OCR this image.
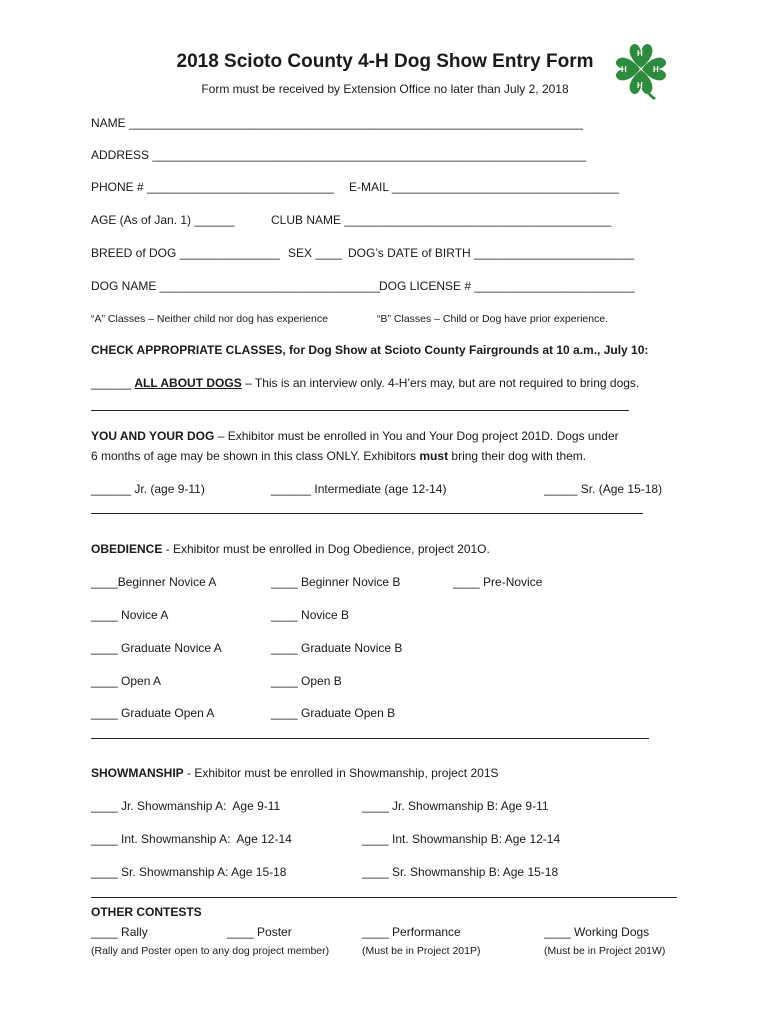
2018 Scioto County 4-H Dog Show Entry Form
Form must be received by Extension Office no later than July 2, 2018
H
H
H	H
NAME ____________________________________________________________________
ADDRESS _________________________________________________________________
PHONE # ____________________________ E-MAIL __________________________________
AGE (As of Jan. 1) ______	CLUB NAME ________________________________________
BREED of DOG _______________ SEX ____ DOG’s DATE of BIRTH ________________________
DOG NAME _________________________________ DOG LICENSE # ________________________
“A” Classes – Neither child nor dog has experience	“B” Classes – Child or Dog have prior experience.
CHECK APPROPRIATE CLASSES, for Dog Show at Scioto County Fairgrounds at 10 a.m., July 10:
______ ALL ABOUT DOGS – This is an interview only. 4-H’ers may, but are not required to bring dogs.
YOU AND YOUR DOG – Exhibitor must be enrolled in You and Your Dog project 201D. Dogs under
6 months of age may be shown in this class ONLY. Exhibitors must bring their dog with them.
______ Jr. (age 9-11)	______ Intermediate (age 12-14)	_____ Sr. (Age 15-18)
OBEDIENCE - Exhibitor must be enrolled in Dog Obedience, project 201O.
____Beginner Novice A	____ Beginner Novice B	____ Pre-Novice
____ Novice A	____ Novice B
____ Graduate Novice A	____ Graduate Novice B
____ Open A	____ Open B
____ Graduate Open A	____ Graduate Open B
SHOWMANSHIP - Exhibitor must be enrolled in Showmanship, project 201S
____ Jr. Showmanship A:  Age 9-11	____ Jr. Showmanship B: Age 9-11
____ Int. Showmanship A:  Age 12-14	____ Int. Showmanship B: Age 12-14
____ Sr. Showmanship A: Age 15-18	____ Sr. Showmanship B: Age 15-18
OTHER CONTESTS
____ Rally	____ Poster	____ Performance	____ Working Dogs
(Rally and Poster open to any dog project member)	(Must be in Project 201P)	(Must be in Project 201W)
